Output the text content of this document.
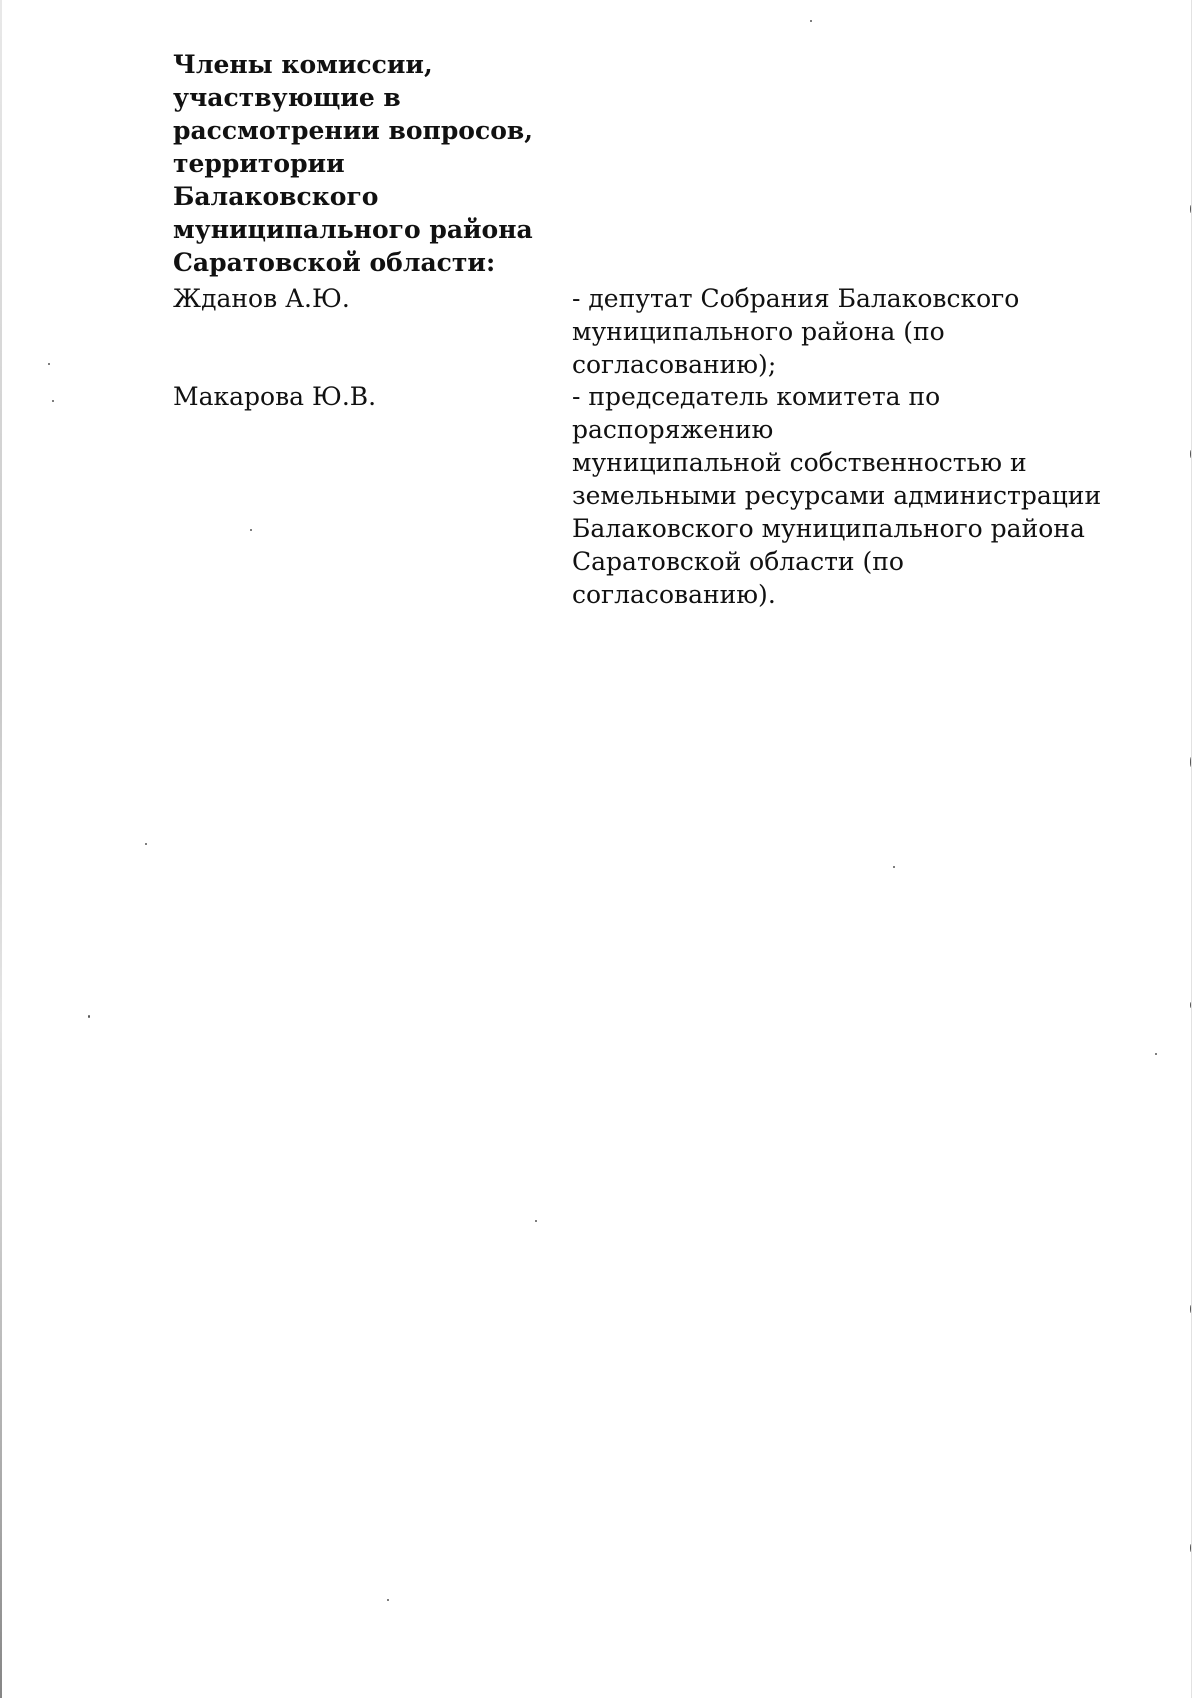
Члены комиссии,
участвующие в
рассмотрении вопросов,
территории Балаковского
муниципального района
Саратовской области:
Жданов А.Ю.	- депутат Собрания Балаковского
муниципального района (по согласованию);
Макарова Ю.В.	- председатель комитета по распоряжению
муниципальной собственностью и
земельными ресурсами администрации
Балаковского муниципального района
Саратовской области (по согласованию).
